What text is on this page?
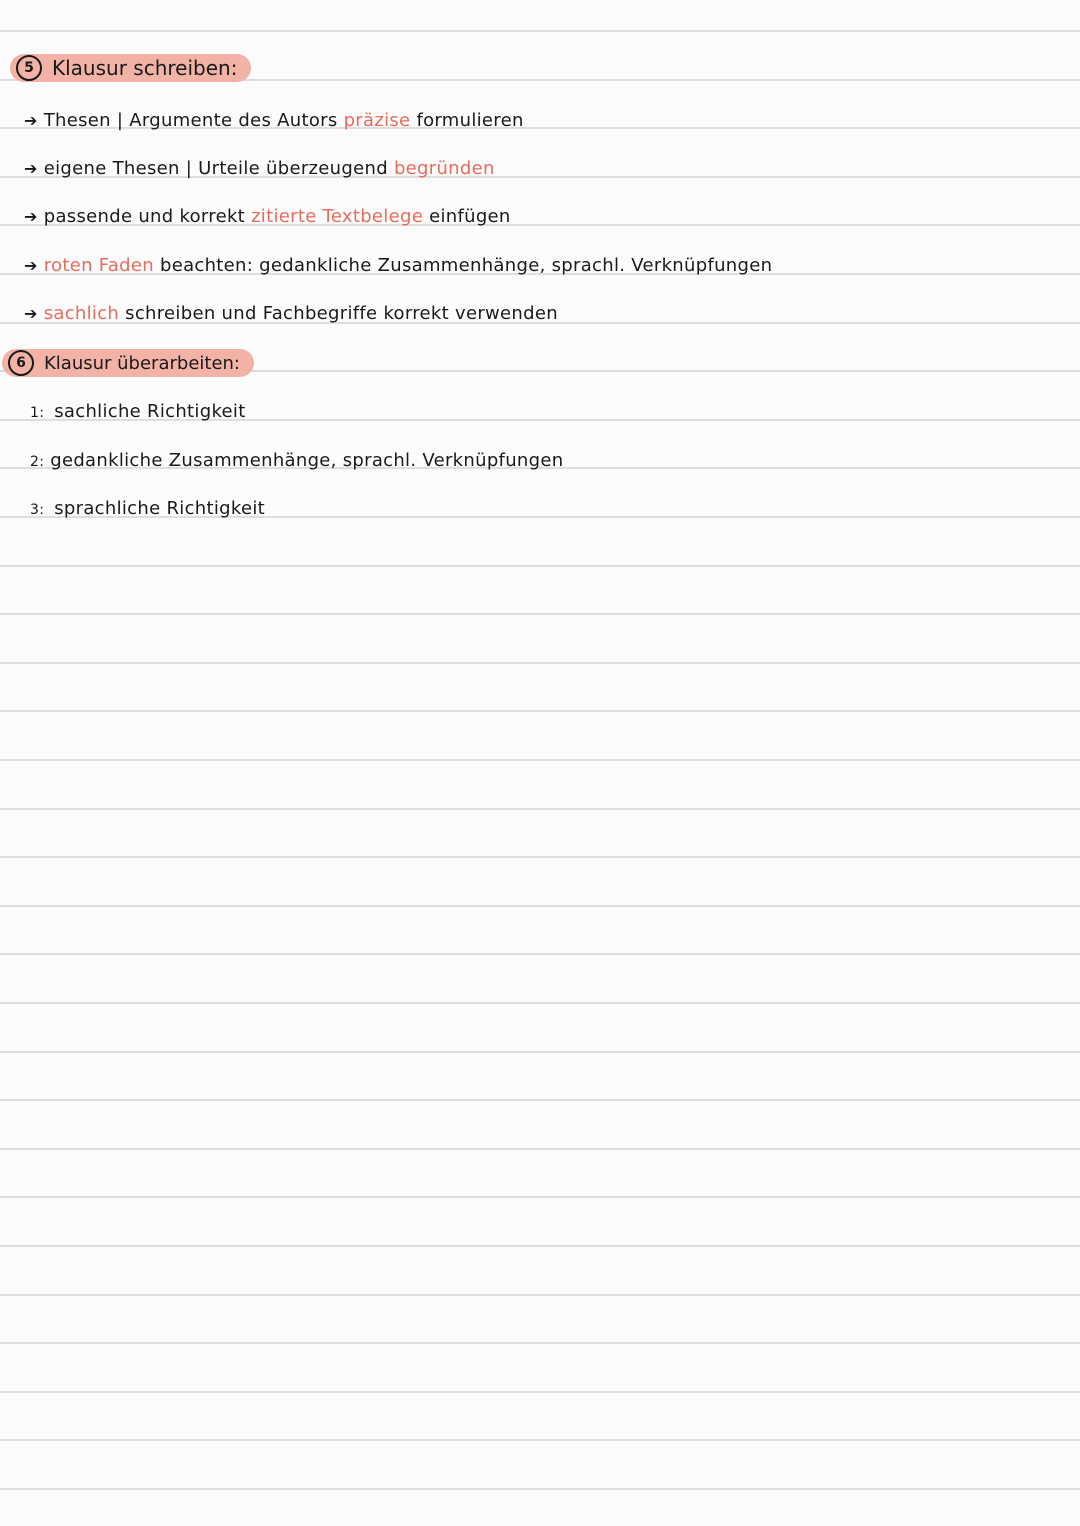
5 Klausur schreiben:
➔ Thesen | Argumente des Autors präzise formulieren
➔ eigene Thesen | Urteile überzeugend begründen
➔ passende und korrekt zitierte Textbelege einfügen
➔ roten Faden beachten: gedankliche Zusammenhänge, sprachl. Verknüpfungen
➔ sachlich schreiben und Fachbegriffe korrekt verwenden
6	Klausur überarbeiten:
1: sachliche Richtigkeit
2: gedankliche Zusammenhänge, sprachl. Verknüpfungen
3: sprachliche Richtigkeit
